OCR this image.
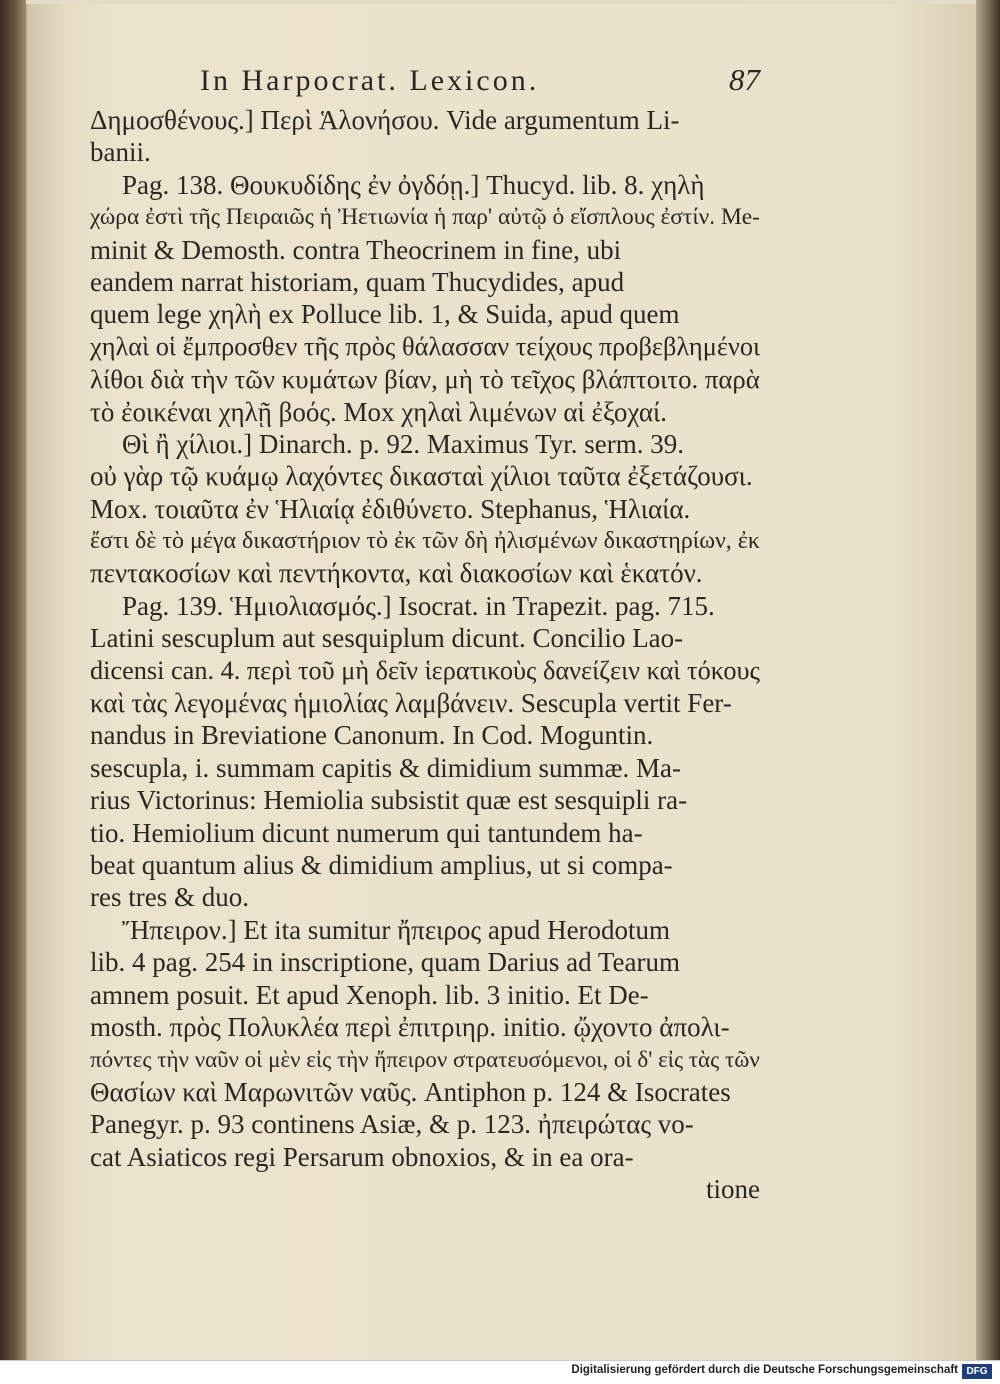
In Harpocrat. Lexicon.	87
Δημοσθένους.] Περὶ Ἁλονήσου. Vide argumentum Li-
banii.
Pag. 138. Θουκυδίδης ἐν ὀγδόῃ.] Thucyd. lib. 8. χηλὴ
χώρα ἐστὶ τῆς Πειραιῶς ἡ Ἠετιωνία ἡ παρ' αὐτῷ ὁ εἴσπλους ἐστίν. Me-
minit & Demosth. contra Theocrinem in fine, ubi
eandem narrat historiam, quam Thucydides, apud
quem lege χηλὴ ex Polluce lib. 1, & Suida, apud quem
χηλαὶ οἱ ἔμπροσθεν τῆς πρὸς θάλασσαν τείχους προβεβλημένοι
λίθοι διὰ τὴν τῶν κυμάτων βίαν, μὴ τὸ τεῖχος βλάπτοιτο. παρὰ
τὸ ἐοικέναι χηλῇ βοός. Mox χηλαὶ λιμένων αἱ ἐξοχαί.
Θὶ ἢ χίλιοι.] Dinarch. p. 92. Maximus Tyr. serm. 39.
οὐ γὰρ τῷ κυάμῳ λαχόντες δικασταὶ χίλιοι ταῦτα ἐξετάζουσι.
Mox. τοιαῦτα ἐν Ἡλιαίᾳ ἐδιθύνετο. Stephanus, Ἡλιαία.
ἔστι δὲ τὸ μέγα δικαστήριον τὸ ἐκ τῶν δὴ ἠλισμένων δικαστηρίων, ἐκ
πεντακοσίων καὶ πεντήκοντα, καὶ διακοσίων καὶ ἑκατόν.
Pag. 139. Ἡμιολιασμός.] Isocrat. in Trapezit. pag. 715.
Latini sescuplum aut sesquiplum dicunt. Concilio Lao-
dicensi can. 4. περὶ τοῦ μὴ δεῖν ἱερατικοὺς δανείζειν καὶ τόκους
καὶ τὰς λεγομένας ἡμιολίας λαμβάνειν. Sescupla vertit Fer-
nandus in Breviatione Canonum. In Cod. Moguntin.
sescupla, i. summam capitis & dimidium summæ. Ma-
rius Victorinus: Hemiolia subsistit quæ est sesquipli ra-
tio. Hemiolium dicunt numerum qui tantundem ha-
beat quantum alius & dimidium amplius, ut si compa-
res tres & duo.
Ἤπειρον.] Et ita sumitur ἤπειρος apud Herodotum
lib. 4 pag. 254 in inscriptione, quam Darius ad Tearum
amnem posuit. Et apud Xenoph. lib. 3 initio. Et De-
mosth. πρὸς Πολυκλέα περὶ ἐπιτριηρ. initio. ᾤχοντο ἀπολι-
πόντες τὴν ναῦν οἱ μὲν εἰς τὴν ἤπειρον στρατευσόμενοι, οἱ δ' εἰς τὰς τῶν
Θασίων καὶ Μαρωνιτῶν ναῦς. Antiphon p. 124 & Isocrates
Panegyr. p. 93 continens Asiæ, & p. 123. ἠπειρώτας vo-
cat Asiaticos regi Persarum obnoxios, & in ea ora-
tione
Digitalisierung gefördert durch die Deutsche Forschungsgemeinschaft DFG
